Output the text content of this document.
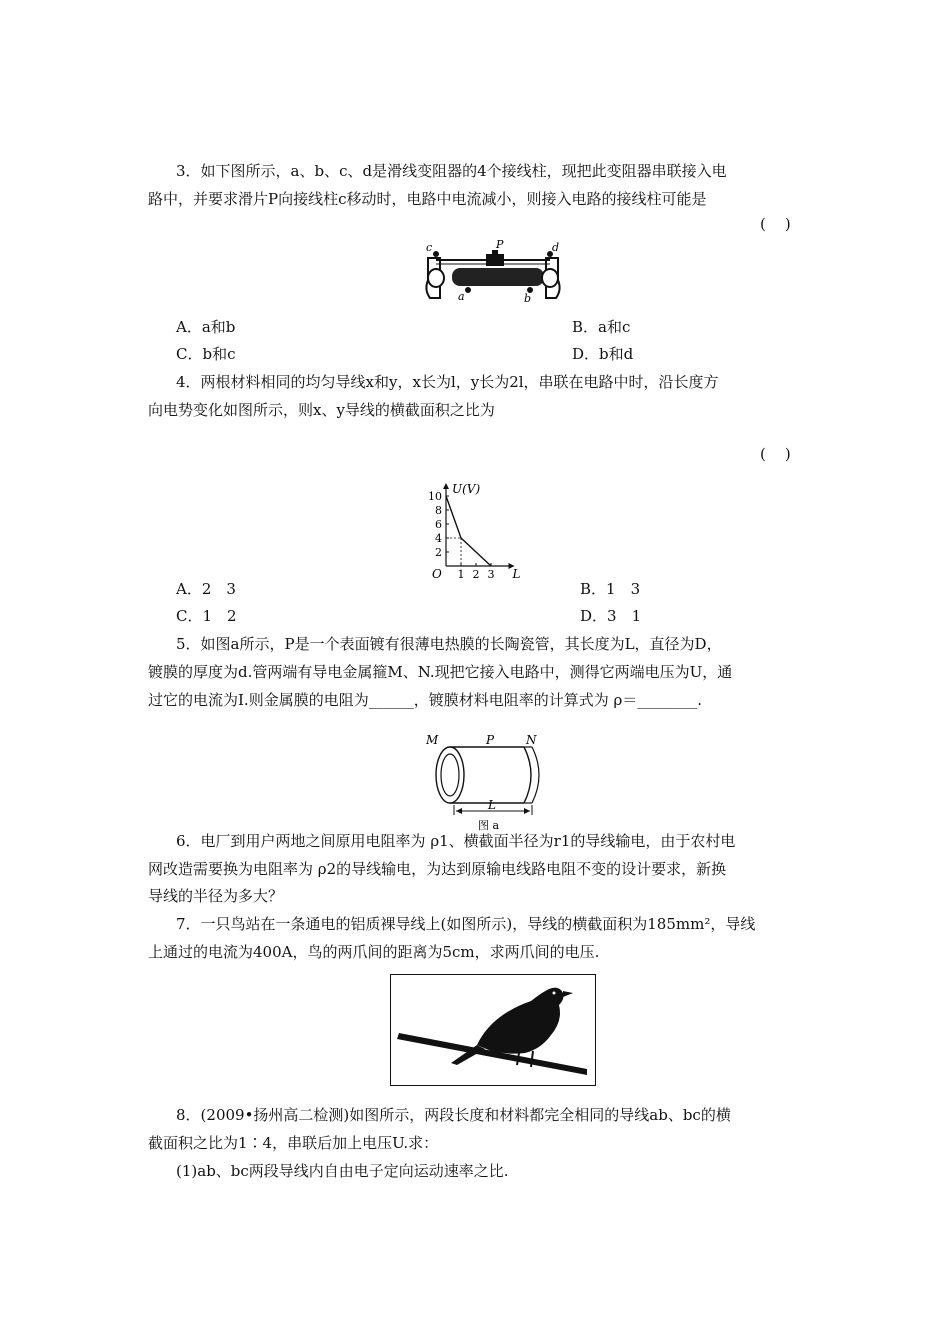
3．如下图所示，a、b、c、d是滑线变阻器的4个接线柱，现把此变阻器串联接入电
路中，并要求滑片P向接线柱c移动时，电路中电流减小，则接入电路的接线柱可能是
(    )
c	P	d
a	b
A．a和b	B．a和c
C．b和c	D．b和d
4．两根材料相同的均匀导线x和y，x长为l，y长为2l，串联在电路中时，沿长度方
向电势变化如图所示，则x、y导线的横截面积之比为
(    )
2
4
6
8
10
1 2 3
U(V)
L
O
A．2　3	B．1　3
C．1　2	D．3　1
5．如图a所示，P是一个表面镀有很薄电热膜的长陶瓷管，其长度为L，直径为D，
镀膜的厚度为d.管两端有导电金属箍M、N.现把它接入电路中，测得它两端电压为U，通
过它的电流为I.则金属膜的电阻为______，镀膜材料电阻率的计算式为 ρ＝________.
M	P	N
L
图 a
6．电厂到用户两地之间原用电阻率为 ρ1、横截面半径为r1的导线输电，由于农村电
网改造需要换为电阻率为 ρ2的导线输电，为达到原输电线路电阻不变的设计要求，新换
导线的半径为多大？
7．一只鸟站在一条通电的铝质裸导线上(如图所示)，导线的横截面积为185mm²，导线
上通过的电流为400A，鸟的两爪间的距离为5cm，求两爪间的电压.
8．(2009•扬州高二检测)如图所示，两段长度和材料都完全相同的导线ab、bc的横
截面积之比为1∶4，串联后加上电压U.求：
(1)ab、bc两段导线内自由电子定向运动速率之比.
